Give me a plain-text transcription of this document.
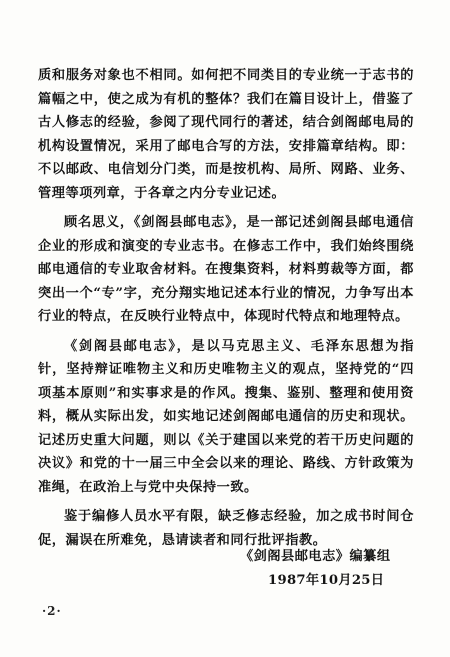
质和服务对象也不相同。如何把不同类目的专业统一于志书的篇幅之中，使之成为有机的整体？我们在篇目设计上，借鉴了古人修志的经验，参阅了现代同行的著述，结合剑阁邮电局的机构设置情况，采用了邮电合写的方法，安排篇章结构。即：不以邮政、电信划分门类，而是按机构、局所、网路、业务、管理等项列章，于各章之内分专业记述。

顾名思义，《剑阁县邮电志》，是一部记述剑阁县邮电通信企业的形成和演变的专业志书。在修志工作中，我们始终围绕邮电通信的专业取舍材料。在搜集资料，材料剪裁等方面，都突出一个“专”字，充分翔实地记述本行业的情况，力争写出本行业的特点，在反映行业特点中，体现时代特点和地理特点。

《剑阁县邮电志》，是以马克思主义、毛泽东思想为指针，坚持辩证唯物主义和历史唯物主义的观点，坚持党的“四项基本原则”和实事求是的作风。搜集、鉴别、整理和使用资料，概从实际出发，如实地记述剑阁邮电通信的历史和现状。记述历史重大问题，则以《关于建国以来党的若干历史问题的决议》和党的十一届三中全会以来的理论、路线、方针政策为准绳，在政治上与党中央保持一致。

鉴于编修人员水平有限，缺乏修志经验，加之成书时间仓促，漏误在所难免，恳请读者和同行批评指教。

《剑阁县邮电志》编纂组
1987年10月25日
·2·
